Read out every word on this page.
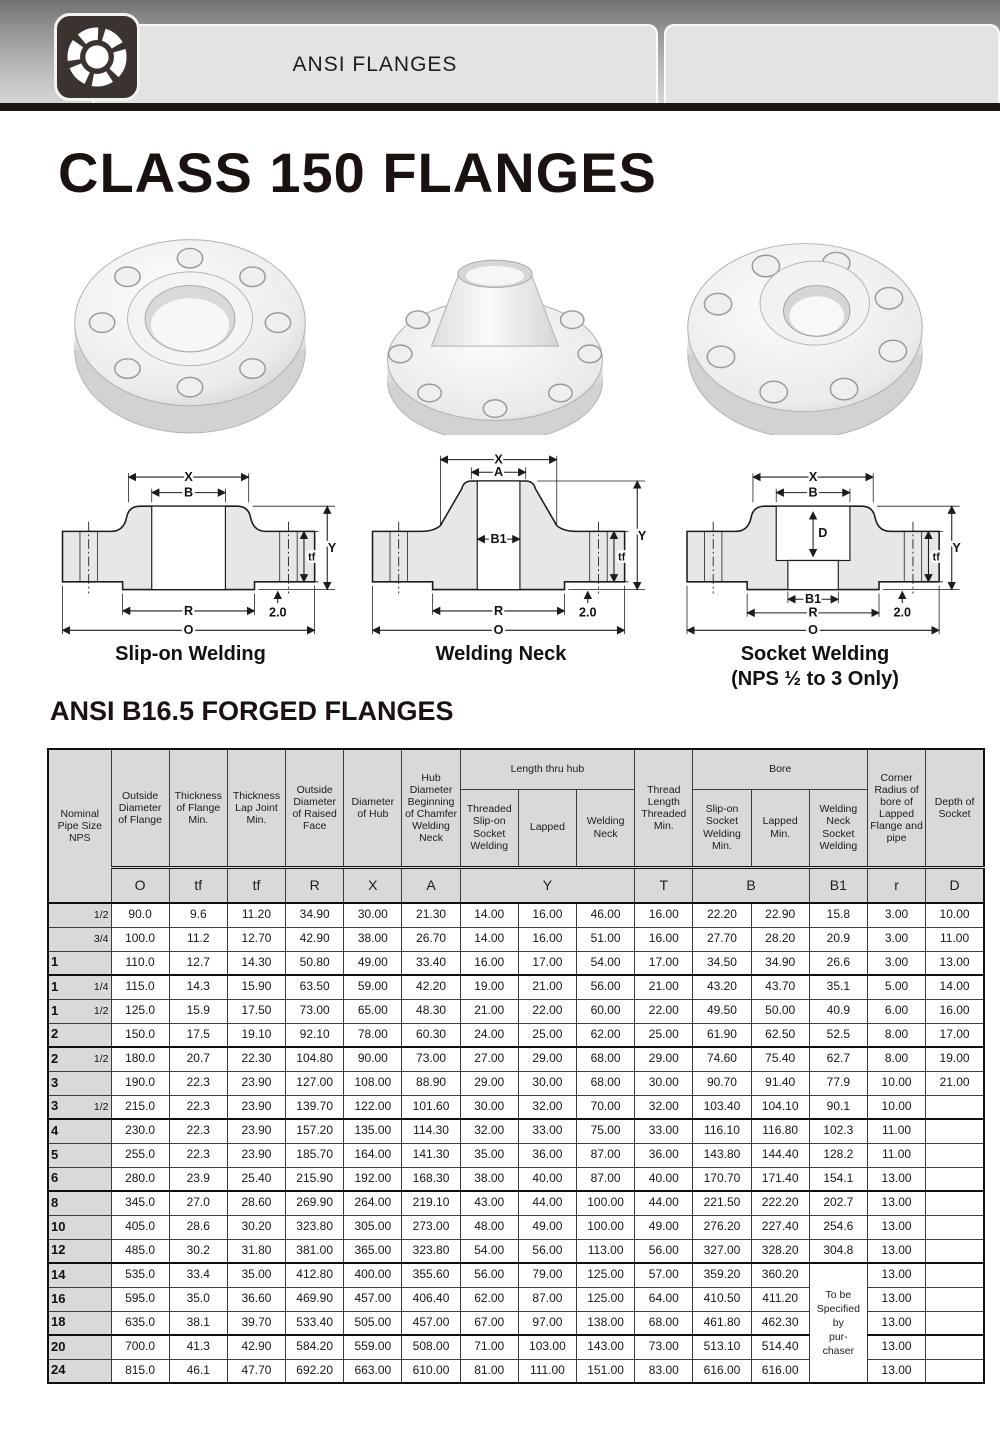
ANSI FLANGES
CLASS 150 FLANGES
X
B
R
O
tf
Y
2.0
Slip-on Welding
X
A
B1
R
O
tf
Y
2.0
Welding Neck
X
B
D
B1
R
O
tf
Y
2.0
Socket Welding
(NPS ½ to 3 Only)
ANSI B16.5 FORGED FLANGES
Nominal Pipe Size NPS	Outside Diameter of Flange	Thickness of Flange Min.	Thickness Lap Joint Min.	Outside Diameter of Raised Face	Diameter of Hub	Hub Diameter Beginning of Chamfer Welding Neck	Length thru hub			Thread Length Threaded Min.	Bore			Corner Radius of bore of Lapped Flange and pipe	Depth of Socket
							Threaded Slip-on Socket Welding	Lapped	Welding Neck		Slip-on Socket Welding Min.	Lapped Min.	Welding Neck Socket Welding		
	O	tf	tf	R	X	A	Y			T	B		B1	r	D

1/2	90.0	9.6	11.20	34.90	30.00	21.30	14.00	16.00	46.00	16.00	22.20	22.90	15.8	3.00	10.00

3/4	100.0	11.2	12.70	42.90	38.00	26.70	14.00	16.00	51.00	16.00	27.70	28.20	20.9	3.00	11.00

1	110.0	12.7	14.30	50.80	49.00	33.40	16.00	17.00	54.00	17.00	34.50	34.90	26.6	3.00	13.00

1 1/4	115.0	14.3	15.90	63.50	59.00	42.20	19.00	21.00	56.00	21.00	43.20	43.70	35.1	5.00	14.00

1 1/2	125.0	15.9	17.50	73.00	65.00	48.30	21.00	22.00	60.00	22.00	49.50	50.00	40.9	6.00	16.00

2	150.0	17.5	19.10	92.10	78.00	60.30	24.00	25.00	62.00	25.00	61.90	62.50	52.5	8.00	17.00

2 1/2	180.0	20.7	22.30	104.80	90.00	73.00	27.00	29.00	68.00	29.00	74.60	75.40	62.7	8.00	19.00

3	190.0	22.3	23.90	127.00	108.00	88.90	29.00	30.00	68.00	30.00	90.70	91.40	77.9	10.00	21.00

3 1/2	215.0	22.3	23.90	139.70	122.00	101.60	30.00	32.00	70.00	32.00	103.40	104.10	90.1	10.00	

4	230.0	22.3	23.90	157.20	135.00	114.30	32.00	33.00	75.00	33.00	116.10	116.80	102.3	11.00	

5	255.0	22.3	23.90	185.70	164.00	141.30	35.00	36.00	87.00	36.00	143.80	144.40	128.2	11.00	

6	280.0	23.9	25.40	215.90	192.00	168.30	38.00	40.00	87.00	40.00	170.70	171.40	154.1	13.00	

8	345.0	27.0	28.60	269.90	264.00	219.10	43.00	44.00	100.00	44.00	221.50	222.20	202.7	13.00	

10	405.0	28.6	30.20	323.80	305.00	273.00	48.00	49.00	100.00	49.00	276.20	227.40	254.6	13.00	

12	485.0	30.2	31.80	381.00	365.00	323.80	54.00	56.00	113.00	56.00	327.00	328.20	304.8	13.00	

14	535.0	33.4	35.00	412.80	400.00	355.60	56.00	79.00	125.00	57.00	359.20	360.20	To be
Specified
by
pur-
chaser	13.00	

16	595.0	35.0	36.60	469.90	457.00	406.40	62.00	87.00	125.00	64.00	410.50	411.20		13.00	

18	635.0	38.1	39.70	533.40	505.00	457.00	67.00	97.00	138.00	68.00	461.80	462.30		13.00	

20	700.0	41.3	42.90	584.20	559.00	508.00	71.00	103.00	143.00	73.00	513.10	514.40		13.00	

24	815.0	46.1	47.70	692.20	663.00	610.00	81.00	111.00	151.00	83.00	616.00	616.00		13.00	
